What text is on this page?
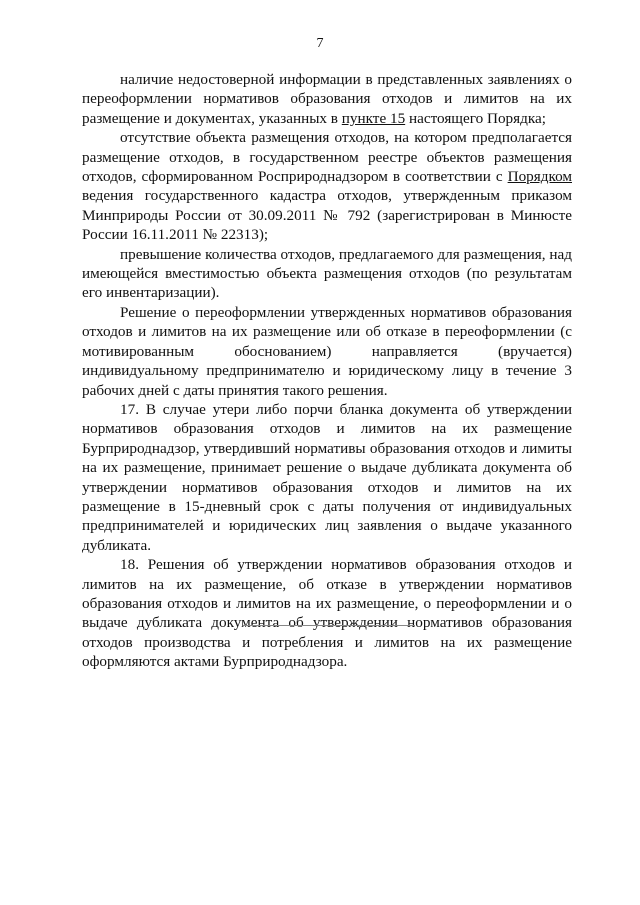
7

наличие недостоверной информации в представленных заявлениях о переоформлении нормативов образования отходов и лимитов на их размещение и документах, указанных в пункте 15 настоящего Порядка;

отсутствие объекта размещения отходов, на котором предполагается размещение отходов, в государственном реестре объектов размещения отходов, сформированном Росприроднадзором в соответствии с Порядком ведения государственного кадастра отходов, утвержденным приказом Минприроды России от 30.09.2011 № 792 (зарегистрирован в Минюсте России 16.11.2011 № 22313);

превышение количества отходов, предлагаемого для размещения, над имеющейся вместимостью объекта размещения отходов (по результатам его инвентаризации).

Решение о переоформлении утвержденных нормативов образования отходов и лимитов на их размещение или об отказе в переоформлении (с мотивированным обоснованием) направляется (вручается) индивидуальному предпринимателю и юридическому лицу в течение 3 рабочих дней с даты принятия такого решения.

17. В случае утери либо порчи бланка документа об утверждении нормативов образования отходов и лимитов на их размещение Бурприроднадзор, утвердивший нормативы образования отходов и лимиты на их размещение, принимает решение о выдаче дубликата документа об утверждении нормативов образования отходов и лимитов на их размещение в 15-дневный срок с даты получения от индивидуальных предпринимателей и юридических лиц заявления о выдаче указанного дубликата.

18. Решения об утверждении нормативов образования отходов и лимитов на их размещение, об отказе в утверждении нормативов образования отходов и лимитов на их размещение, о переоформлении и о выдаче дубликата документа об утверждении нормативов образования отходов производства и потребления и лимитов на их размещение оформляются актами Бурприроднадзора.
